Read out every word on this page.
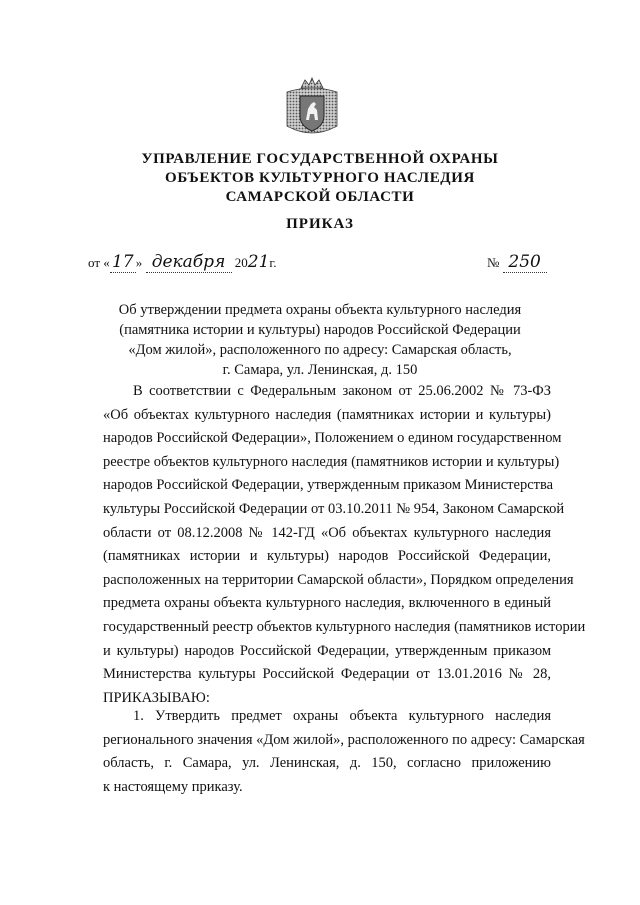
УПРАВЛЕНИЕ ГОСУДАРСТВЕННОЙ ОХРАНЫ
ОБЪЕКТОВ КУЛЬТУРНОГО НАСЛЕДИЯ
САМАРСКОЙ ОБЛАСТИ
ПРИКАЗ
от « 17 » декабря 2021г.	№ 250
Об утверждении предмета охраны объекта культурного наследия
(памятника истории и культуры) народов Российской Федерации
«Дом жилой», расположенного по адресу: Самарская область,
г. Самара, ул. Ленинская, д. 150
В соответствии с Федеральным законом от 25.06.2002 № 73-ФЗ
«Об объектах культурного наследия (памятниках истории и культуры)
народов Российской Федерации», Положением о едином государственном
реестре объектов культурного наследия (памятников истории и культуры)
народов Российской Федерации, утвержденным приказом Министерства
культуры Российской Федерации от 03.10.2011 № 954, Законом Самарской
области от 08.12.2008 № 142-ГД «Об объектах культурного наследия
(памятниках истории и культуры) народов Российской Федерации,
расположенных на территории Самарской области», Порядком определения
предмета охраны объекта культурного наследия, включенного в единый
государственный реестр объектов культурного наследия (памятников истории
и культуры) народов Российской Федерации, утвержденным приказом
Министерства культуры Российской Федерации от 13.01.2016 № 28,
ПРИКАЗЫВАЮ:
1. Утвердить предмет охраны объекта культурного наследия
регионального значения «Дом жилой», расположенного по адресу: Самарская
область, г. Самара, ул. Ленинская, д. 150, согласно приложению
к настоящему приказу.
